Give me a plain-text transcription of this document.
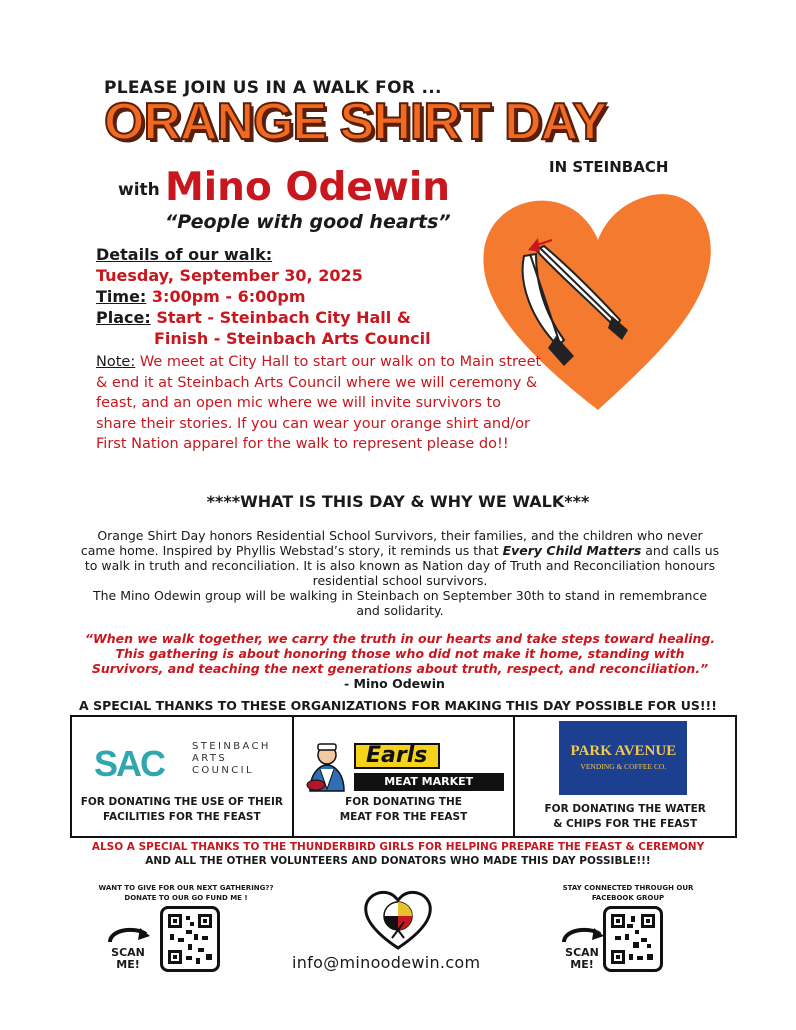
PLEASE JOIN US IN A WALK FOR ...
ORANGE SHIRT DAY
IN STEINBACH
with Mino Odewin
“People with good hearts”
Details of our walk:
Tuesday, September 30, 2025
Time: 3:00pm - 6:00pm
Place: Start - Steinbach City Hall &
Finish - Steinbach Arts Council
Note: We meet at City Hall to start our walk on to Main street & end it at Steinbach Arts Council where we will ceremony & feast, and an open mic where we will invite survivors to share their stories. If you can wear your orange shirt and/or First Nation apparel for the walk to represent please do!!
****WHAT IS THIS DAY & WHY WE WALK***
Orange Shirt Day honors Residential School Survivors, their families, and the children who never came home. Inspired by Phyllis Webstad’s story, it reminds us that Every Child Matters and calls us to walk in truth and reconciliation. It is also known as Nation day of Truth and Reconciliation honours residential school survivors.
The Mino Odewin group will be walking in Steinbach on September 30th to stand in remembrance and solidarity.
“When we walk together, we carry the truth in our hearts and take steps toward healing. This gathering is about honoring those who did not make it home, standing with Survivors, and teaching the next generations about truth, respect, and reconciliation.”
- Mino Odewin
A SPECIAL THANKS TO THESE ORGANIZATIONS FOR MAKING THIS DAY POSSIBLE FOR US!!!
SAC	STEINBACH
ARTS
COUNCIL
FOR DONATING THE USE OF THEIR
FACILITIES FOR THE FEAST
Earls
MEAT MARKET
FOR DONATING THE
MEAT FOR THE FEAST
PARK AVENUE
VENDING & COFFEE CO.
FOR DONATING THE WATER
& CHIPS FOR THE FEAST
ALSO A SPECIAL THANKS TO THE THUNDERBIRD GIRLS FOR HELPING PREPARE THE FEAST & CEREMONY
AND ALL THE OTHER VOLUNTEERS AND DONATORS WHO MADE THIS DAY POSSIBLE!!!
WANT TO GIVE FOR OUR NEXT GATHERING??
DONATE TO OUR GO FUND ME !
STAY CONNECTED THROUGH OUR
FACEBOOK GROUP
SCAN
ME!
SCAN
ME!
info@minoodewin.com
